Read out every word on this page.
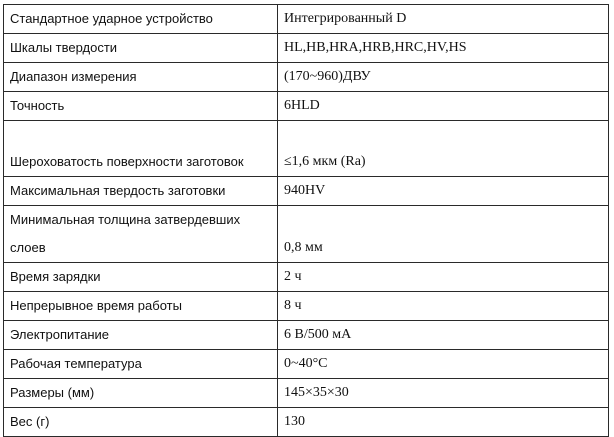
Стандартное ударное устройство	Интегрированный D
Шкалы твердости	HL,HB,HRA,HRB,HRC,HV,HS
Диапазон измерения	(170~960)ДВУ
Точность	6HLD
Шероховатость поверхности заготовок	≤1,6 мкм (Ra)
Максимальная твердость заготовки	940HV
Минимальная толщина затвердевших слоев	0,8 мм
Время зарядки	2 ч
Непрерывное время работы	8 ч
Электропитание	6 В/500 мА
Рабочая температура	0~40°C
Размеры (мм)	145×35×30
Вес (г)	130
